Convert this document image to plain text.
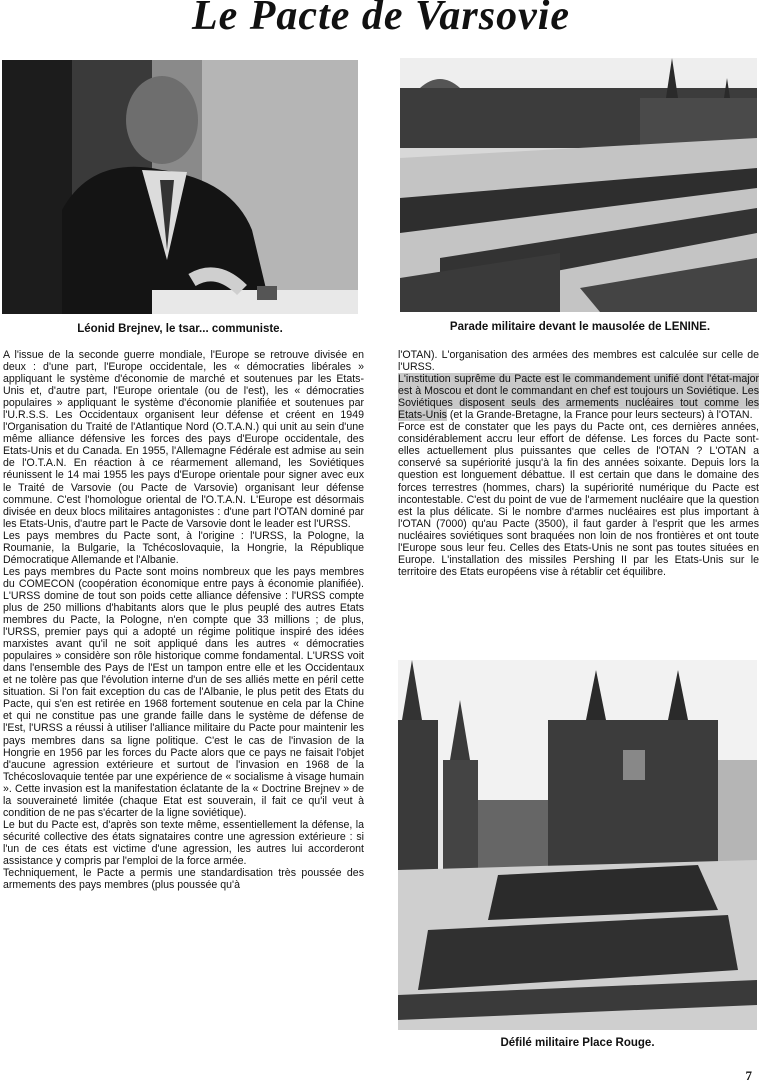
Le Pacte de Varsovie
Léonid Brejnev, le tsar... communiste.	Parade militaire devant le mausolée de LENINE.

A l'issue de la seconde guerre mondiale, l'Europe se retrouve divisée en deux : d'une part, l'Europe occidentale, les « démocraties libérales » appliquant le système d'économie de marché et soutenues par les Etats-Unis et, d'autre part, l'Europe orientale (ou de l'est), les « démocraties populaires » appliquant le système d'économie planifiée et soutenues par l'U.R.S.S. Les Occidentaux organisent leur défense et créent en 1949 l'Organisation du Traité de l'Atlantique Nord (O.T.A.N.) qui unit au sein d'une même alliance défensive les forces des pays d'Europe occidentale, des Etats-Unis et du Canada. En 1955, l'Allemagne Fédérale est admise au sein de l'O.T.A.N. En réaction à ce réarmement allemand, les Soviétiques réunissent le 14 mai 1955 les pays d'Europe orientale pour signer avec eux le Traité de Varsovie (ou Pacte de Varsovie) organisant leur défense commune. C'est l'homologue oriental de l'O.T.A.N. L'Europe est désormais divisée en deux blocs militaires antagonistes : d'une part l'OTAN dominé par les Etats-Unis, d'autre part le Pacte de Varsovie dont le leader est l'URSS.

Les pays membres du Pacte sont, à l'origine : l'URSS, la Pologne, la Roumanie, la Bulgarie, la Tchécoslovaquie, la Hongrie, la République Démocratique Allemande et l'Albanie.

Les pays membres du Pacte sont moins nombreux que les pays membres du COMECON (coopération économique entre pays à économie planifiée). L'URSS domine de tout son poids cette alliance défensive : l'URSS compte plus de 250 millions d'habitants alors que le plus peuplé des autres Etats membres du Pacte, la Pologne, n'en compte que 33 millions ; de plus, l'URSS, premier pays qui a adopté un régime politique inspiré des idées marxistes avant qu'il ne soit appliqué dans les autres « démocraties populaires » considère son rôle historique comme fondamental. L'URSS voit dans l'ensemble des Pays de l'Est un tampon entre elle et les Occidentaux et ne tolère pas que l'évolution interne d'un de ses alliés mette en péril cette situation. Si l'on fait exception du cas de l'Albanie, le plus petit des Etats du Pacte, qui s'en est retirée en 1968 fortement soutenue en cela par la Chine et qui ne constitue pas une grande faille dans le système de défense de l'Est, l'URSS a réussi à utiliser l'alliance militaire du Pacte pour maintenir les pays membres dans sa ligne politique. C'est le cas de l'invasion de la Hongrie en 1956 par les forces du Pacte alors que ce pays ne faisait l'objet d'aucune agression extérieure et surtout de l'invasion en 1968 de la Tchécoslovaquie tentée par une expérience de « socialisme à visage humain ». Cette invasion est la manifestation éclatante de la « Doctrine Brejnev » de la souveraineté limitée (chaque Etat est souverain, il fait ce qu'il veut à condition de ne pas s'écarter de la ligne soviétique).

Le but du Pacte est, d'après son texte même, essentiellement la défense, la sécurité collective des états signataires contre une agression extérieure : si l'un de ces états est victime d'une agression, les autres lui accorderont assistance y compris par l'emploi de la force armée.

Techniquement, le Pacte a permis une standardisation très poussée des armements des pays membres (plus poussée qu'à

l'OTAN). L'organisation des armées des membres est calculée sur celle de l'URSS.

L'institution suprême du Pacte est le commandement unifié dont l'état-major est à Moscou et dont le commandant en chef est toujours un Soviétique. Les Soviétiques disposent seuls des armements nucléaires tout comme les Etats-Unis (et la Grande-Bretagne, la France pour leurs secteurs) à l'OTAN.

Force est de constater que les pays du Pacte ont, ces dernières années, considérablement accru leur effort de défense. Les forces du Pacte sont-elles actuellement plus puissantes que celles de l'OTAN ? L'OTAN a conservé sa supériorité jusqu'à la fin des années soixante. Depuis lors la question est longuement débattue. Il est certain que dans le domaine des forces terrestres (hommes, chars) la supériorité numérique du Pacte est incontestable. C'est du point de vue de l'armement nucléaire que la question est la plus délicate. Si le nombre d'armes nucléaires est plus important à l'OTAN (7000) qu'au Pacte (3500), il faut garder à l'esprit que les armes nucléaires soviétiques sont braquées non loin de nos frontières et ont toute l'Europe sous leur feu. Celles des Etats-Unis ne sont pas toutes situées en Europe. L'installation des missiles Pershing II par les Etats-Unis sur le territoire des Etats européens vise à rétablir cet équilibre.

Défilé militaire Place Rouge.
7
